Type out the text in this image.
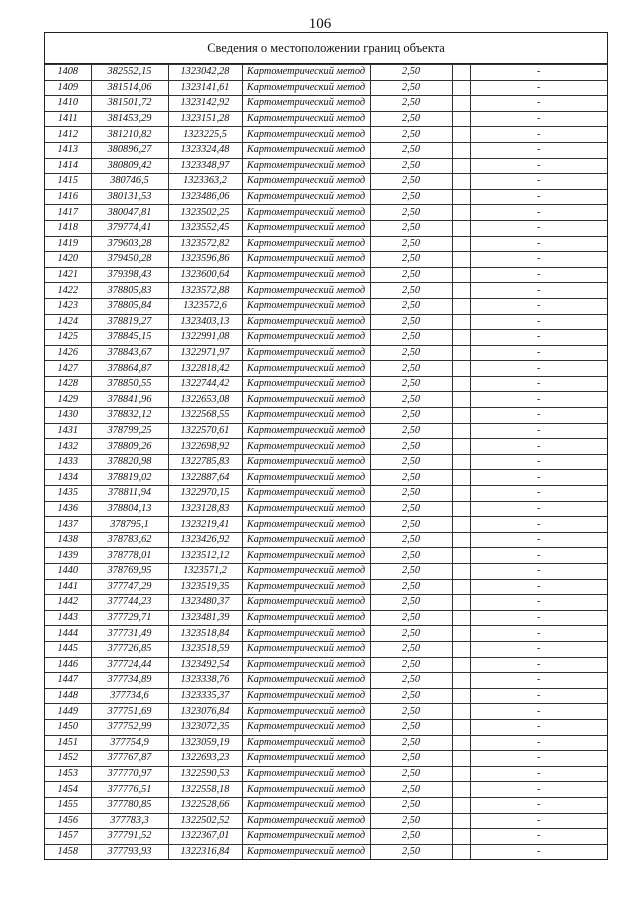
106
Сведения о местоположении границ объекта
1408	382552,15	1323042,28	Картометрический метод	2,50		-
1409	381514,06	1323141,61	Картометрический метод	2,50		-
1410	381501,72	1323142,92	Картометрический метод	2,50		-
1411	381453,29	1323151,28	Картометрический метод	2,50		-
1412	381210,82	1323225,5	Картометрический метод	2,50		-
1413	380896,27	1323324,48	Картометрический метод	2,50		-
1414	380809,42	1323348,97	Картометрический метод	2,50		-
1415	380746,5	1323363,2	Картометрический метод	2,50		-
1416	380131,53	1323486,06	Картометрический метод	2,50		-
1417	380047,81	1323502,25	Картометрический метод	2,50		-
1418	379774,41	1323552,45	Картометрический метод	2,50		-
1419	379603,28	1323572,82	Картометрический метод	2,50		-
1420	379450,28	1323596,86	Картометрический метод	2,50		-
1421	379398,43	1323600,64	Картометрический метод	2,50		-
1422	378805,83	1323572,88	Картометрический метод	2,50		-
1423	378805,84	1323572,6	Картометрический метод	2,50		-
1424	378819,27	1323403,13	Картометрический метод	2,50		-
1425	378845,15	1322991,08	Картометрический метод	2,50		-
1426	378843,67	1322971,97	Картометрический метод	2,50		-
1427	378864,87	1322818,42	Картометрический метод	2,50		-
1428	378850,55	1322744,42	Картометрический метод	2,50		-
1429	378841,96	1322653,08	Картометрический метод	2,50		-
1430	378832,12	1322568,55	Картометрический метод	2,50		-
1431	378799,25	1322570,61	Картометрический метод	2,50		-
1432	378809,26	1322698,92	Картометрический метод	2,50		-
1433	378820,98	1322785,83	Картометрический метод	2,50		-
1434	378819,02	1322887,64	Картометрический метод	2,50		-
1435	378811,94	1322970,15	Картометрический метод	2,50		-
1436	378804,13	1323128,83	Картометрический метод	2,50		-
1437	378795,1	1323219,41	Картометрический метод	2,50		-
1438	378783,62	1323426,92	Картометрический метод	2,50		-
1439	378778,01	1323512,12	Картометрический метод	2,50		-
1440	378769,95	1323571,2	Картометрический метод	2,50		-
1441	377747,29	1323519,35	Картометрический метод	2,50		-
1442	377744,23	1323480,37	Картометрический метод	2,50		-
1443	377729,71	1323481,39	Картометрический метод	2,50		-
1444	377731,49	1323518,84	Картометрический метод	2,50		-
1445	377726,85	1323518,59	Картометрический метод	2,50		-
1446	377724,44	1323492,54	Картометрический метод	2,50		-
1447	377734,89	1323338,76	Картометрический метод	2,50		-
1448	377734,6	1323335,37	Картометрический метод	2,50		-
1449	377751,69	1323076,84	Картометрический метод	2,50		-
1450	377752,99	1323072,35	Картометрический метод	2,50		-
1451	377754,9	1323059,19	Картометрический метод	2,50		-
1452	377767,87	1322693,23	Картометрический метод	2,50		-
1453	377770,97	1322590,53	Картометрический метод	2,50		-
1454	377776,51	1322558,18	Картометрический метод	2,50		-
1455	377780,85	1322528,66	Картометрический метод	2,50		-
1456	377783,3	1322502,52	Картометрический метод	2,50		-
1457	377791,52	1322367,01	Картометрический метод	2,50		-
1458	377793,93	1322316,84	Картометрический метод	2,50		-
